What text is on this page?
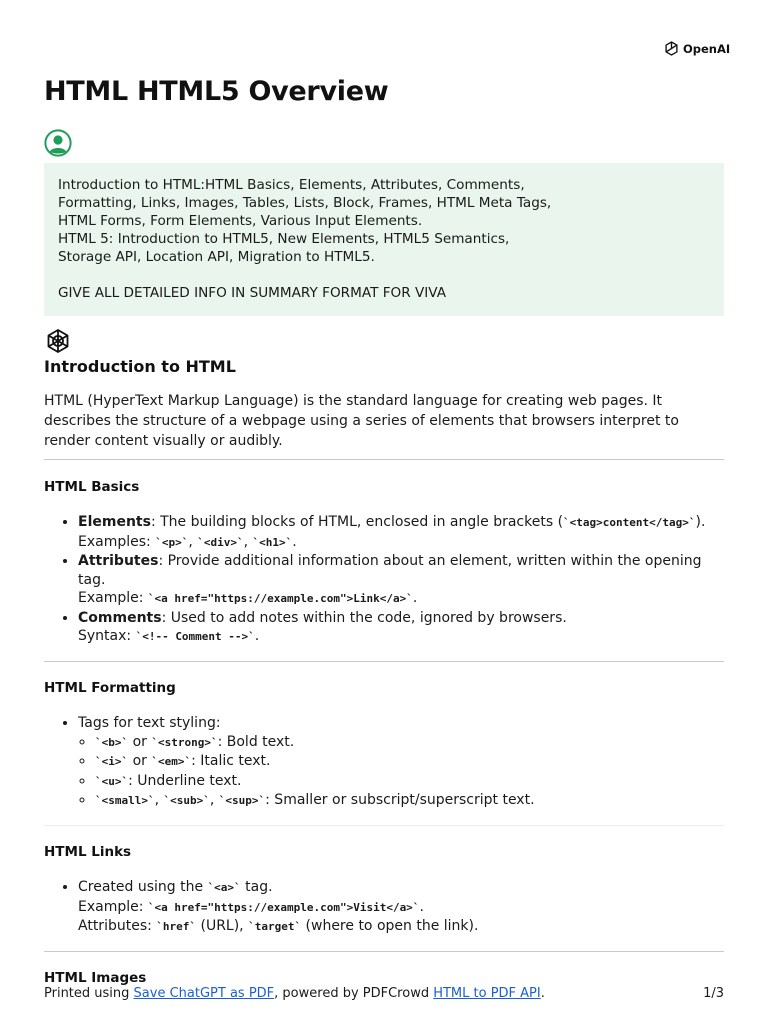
OpenAI
HTML HTML5 Overview

Introduction to HTML:HTML Basics, Elements, Attributes, Comments,

Formatting, Links, Images, Tables, Lists, Block, Frames, HTML Meta Tags,

HTML Forms, Form Elements, Various Input Elements.

HTML 5: Introduction to HTML5, New Elements, HTML5 Semantics,

Storage API, Location API, Migration to HTML5.

GIVE ALL DETAILED INFO IN SUMMARY FORMAT FOR VIVA

Introduction to HTML

HTML (HyperText Markup Language) is the standard language for creating web pages. It describes the structure of a webpage using a series of elements that browsers interpret to render content visually or audibly.

HTML Basics
• Elements: The building blocks of HTML, enclosed in angle brackets (`<tag>content</tag>`).
Examples: `<p>`, `<div>`, `<h1>`.
• Attributes: Provide additional information about an element, written within the opening tag.
Example: `<a href="https://example.com">Link</a>`.
• Comments: Used to add notes within the code, ignored by browsers.
Syntax: `<!-- Comment -->`.
HTML Formatting
• Tags for text styling:
◦ `<b>` or `<strong>`: Bold text.
◦ `<i>` or `<em>`: Italic text.
◦ `<u>`: Underline text.
◦ `<small>`, `<sub>`, `<sup>`: Smaller or subscript/superscript text.
HTML Links
• Created using the `<a>` tag.
Example: `<a href="https://example.com">Visit</a>`.
Attributes: `href` (URL), `target` (where to open the link).
HTML Images
Printed using Save ChatGPT as PDF, powered by PDFCrowd HTML to PDF API.	1/3
